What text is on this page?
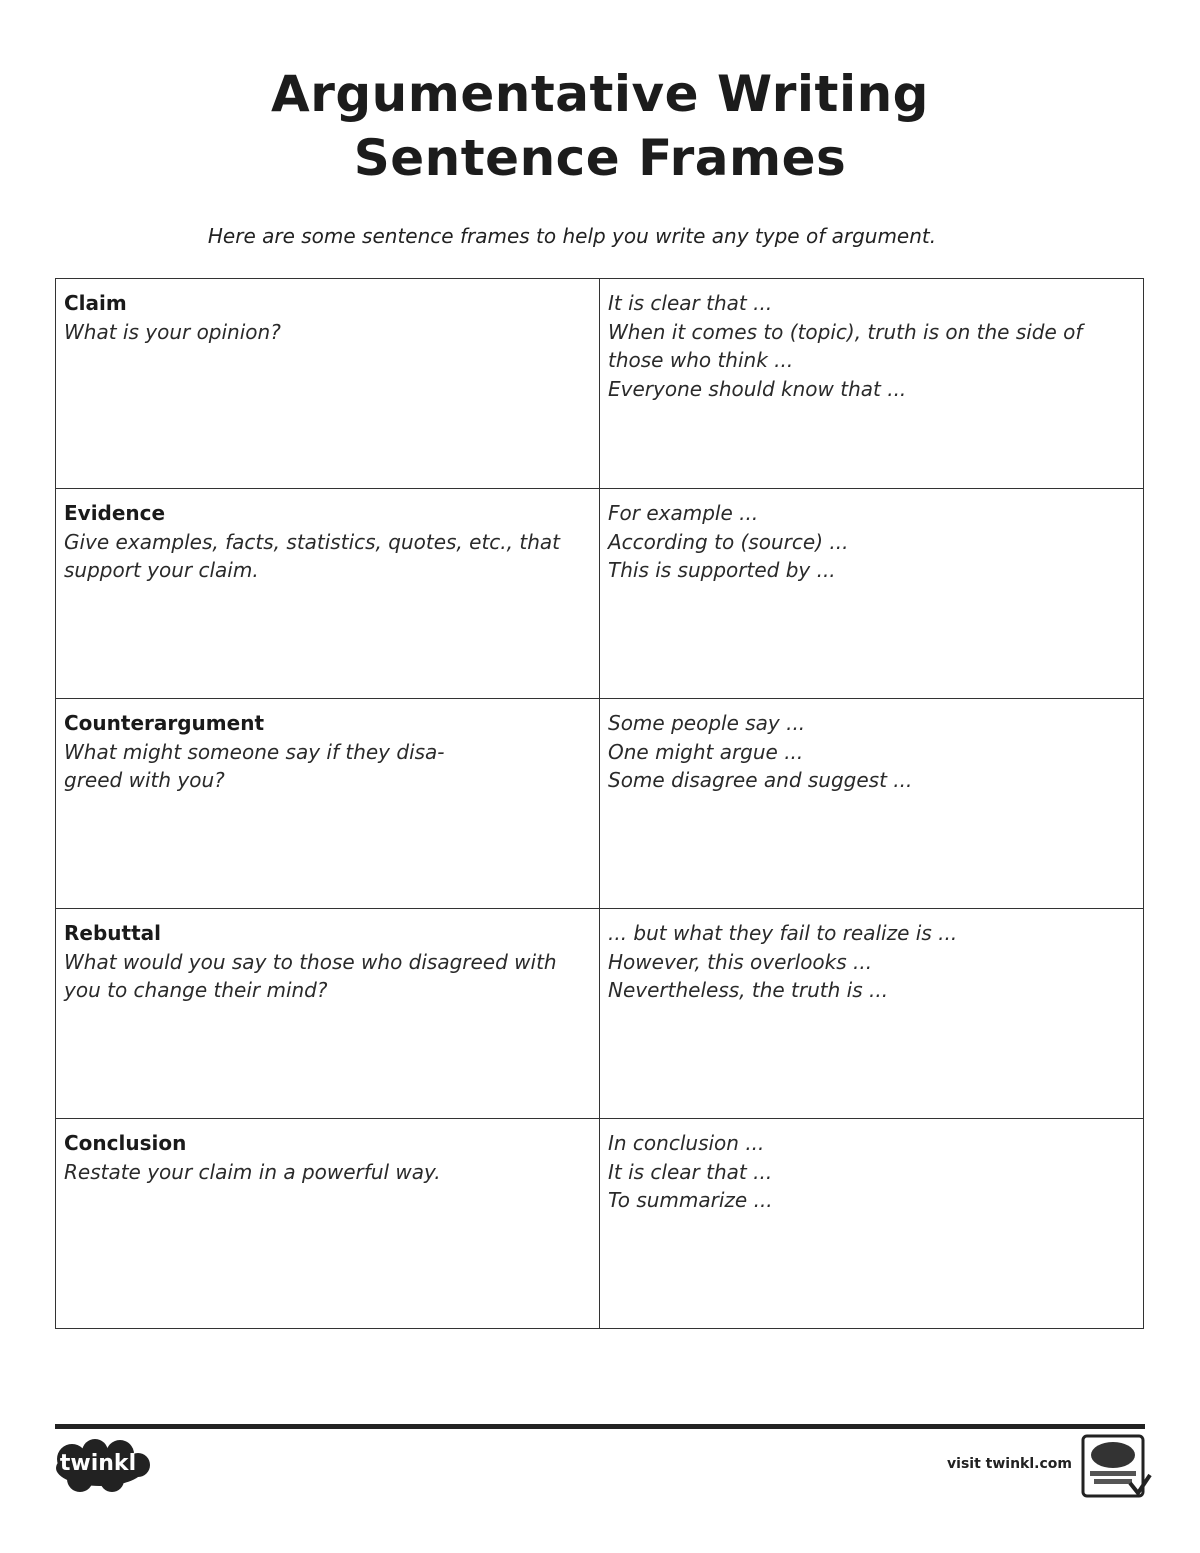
Argumentative Writing
Sentence Frames
Here are some sentence frames to help you write any type of argument.
Claim
What is your opinion?	It is clear that ...
When it comes to (topic), truth is on the side of
those who think ...
Everyone should know that ...

Evidence
Give examples, facts, statistics, quotes, etc., that
support your claim.	For example ...
According to (source) ...
This is supported by ...

Counterargument
What might someone say if they disa-
greed with you?	Some people say ...
One might argue ...
Some disagree and suggest ...

Rebuttal
What would you say to those who disagreed with
you to change their mind?	... but what they fail to realize is ...
However, this overlooks ...
Nevertheless, the truth is ...

Conclusion
Restate your claim in a powerful way.	In conclusion ...
It is clear that ...
To summarize ...
twinkl	visit twinkl.com
